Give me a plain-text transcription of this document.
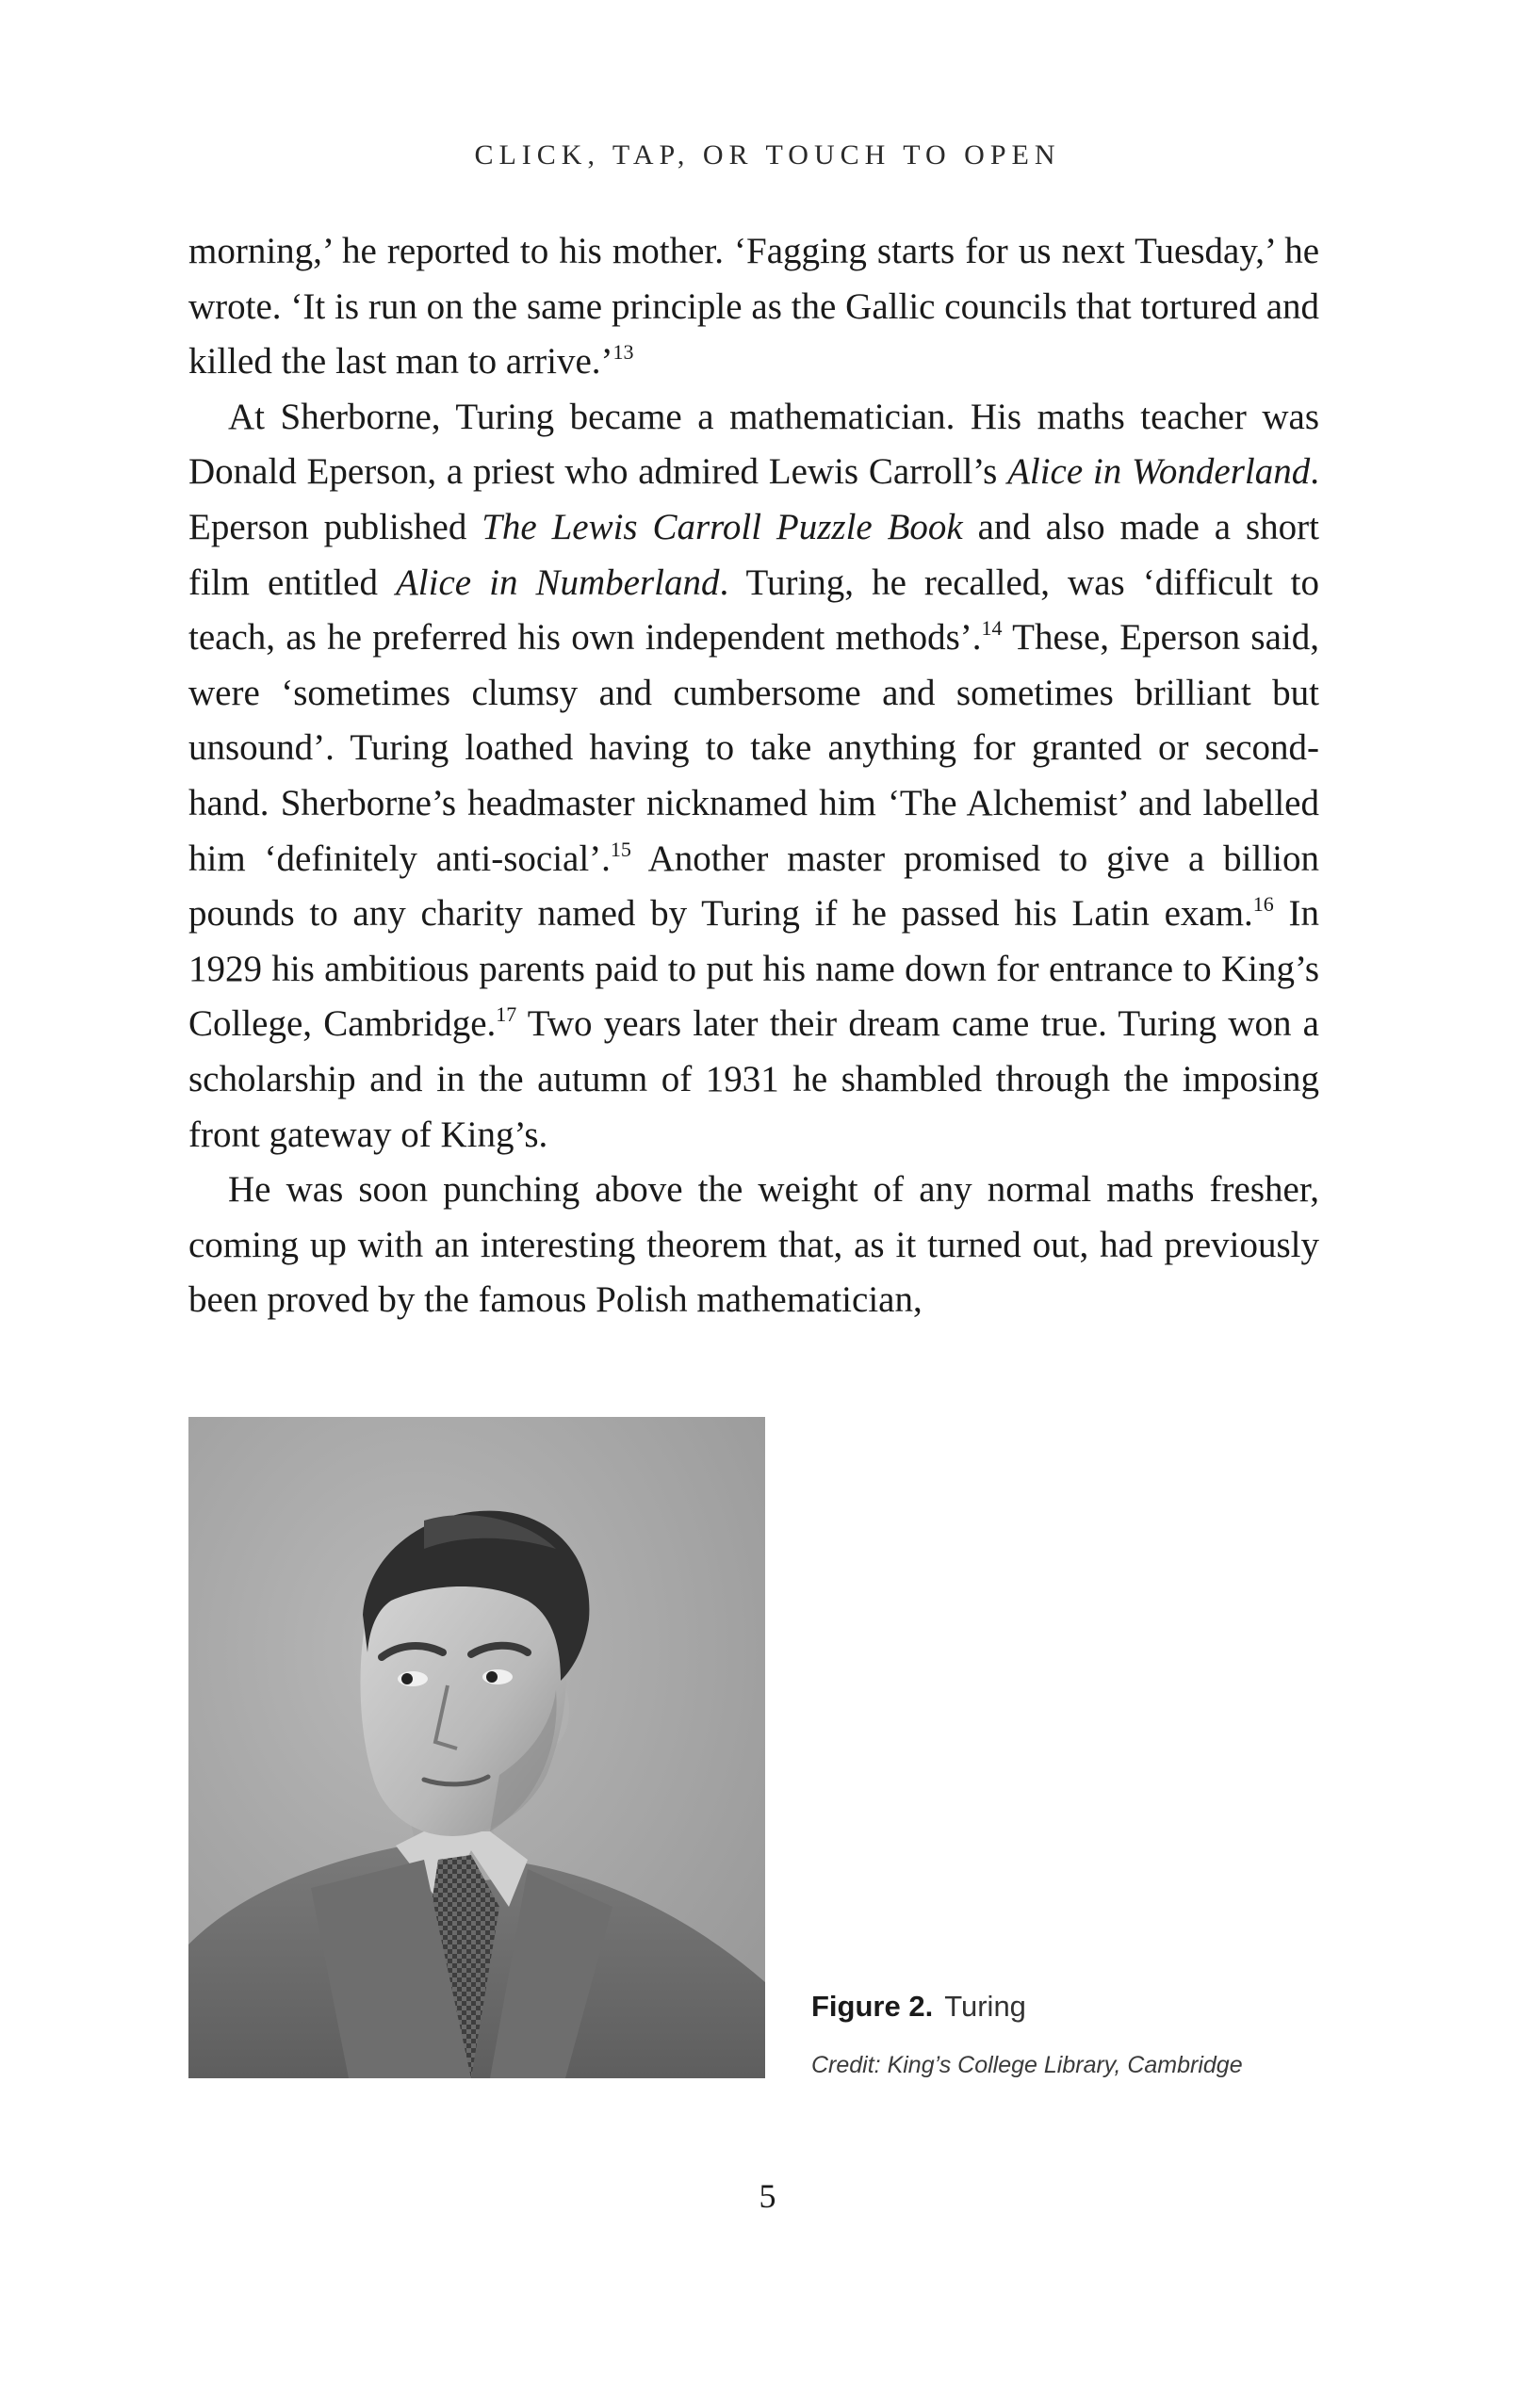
CLICK, TAP, OR TOUCH TO OPEN

morning,’ he reported to his mother. ‘Fagging starts for us next Tuesday,’ he wrote. ‘It is run on the same principle as the Gallic councils that tortured and killed the last man to arrive.’$^{13}$

At Sherborne, Turing became a mathematician. His maths teacher was Donald Eperson, a priest who admired Lewis Carroll’s Alice in Wonderland. Eperson published The Lewis Carroll Puzzle Book and also made a short film entitled Alice in Numberland. Turing, he recalled, was ‘difficult to teach, as he preferred his own independent methods’.$^{14}$ These, Eperson said, were ‘sometimes clumsy and cumbersome and sometimes brilliant but unsound’. Turing loathed having to take anything for granted or second-hand. Sherborne’s headmaster nicknamed him ‘The Alchemist’ and labelled him ‘definitely anti-social’.$^{15}$ Another master promised to give a billion pounds to any charity named by Turing if he passed his Latin exam.$^{16}$ In 1929 his ambitious parents paid to put his name down for entrance to King’s College, Cambridge.$^{17}$ Two years later their dream came true. Turing won a scholarship and in the autumn of 1931 he shambled through the imposing front gateway of King’s.

He was soon punching above the weight of any normal maths fresher, coming up with an interesting theorem that, as it turned out, had previously been proved by the famous Polish mathematician,

Figure 2. Turing
Credit: King’s College Library, Cambridge
5
